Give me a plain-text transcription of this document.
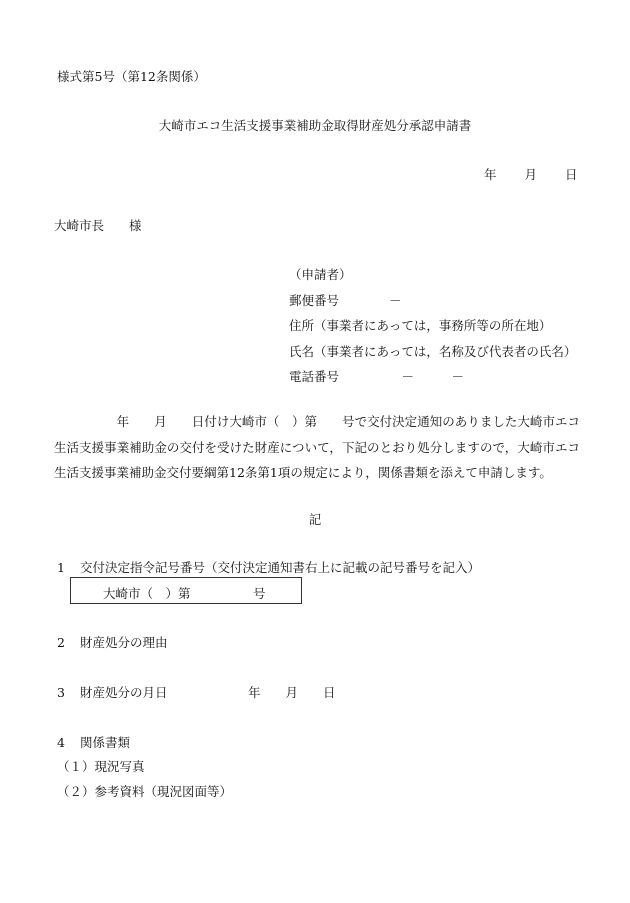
様式第5号（第12条関係）
大崎市エコ生活支援事業補助金取得財産処分承認申請書
年 月 日
大崎市長　　様
（申請者）
郵便番号　　　　－
住所（事業者にあっては，事務所等の所在地）
氏名（事業者にあっては，名称及び代表者の氏名）
電話番号　　　　　－　　　－
　　　　　年　　月　　日付け大崎市（　）第　　号で交付決定通知のありました大崎市エコ生活支援事業補助金の交付を受けた財産について，下記のとおり処分しますので，大崎市エコ生活支援事業補助金交付要綱第12条第1項の規定により，関係書類を添えて申請します。
記
1 交付決定指令記号番号（交付決定通知書右上に記載の記号番号を記入）
大崎市（　）第　　　　　号
2 財産処分の理由
3 財産処分の月日	年　　月　　日
4 関係書類
（１）現況写真
（２）参考資料（現況図面等）
